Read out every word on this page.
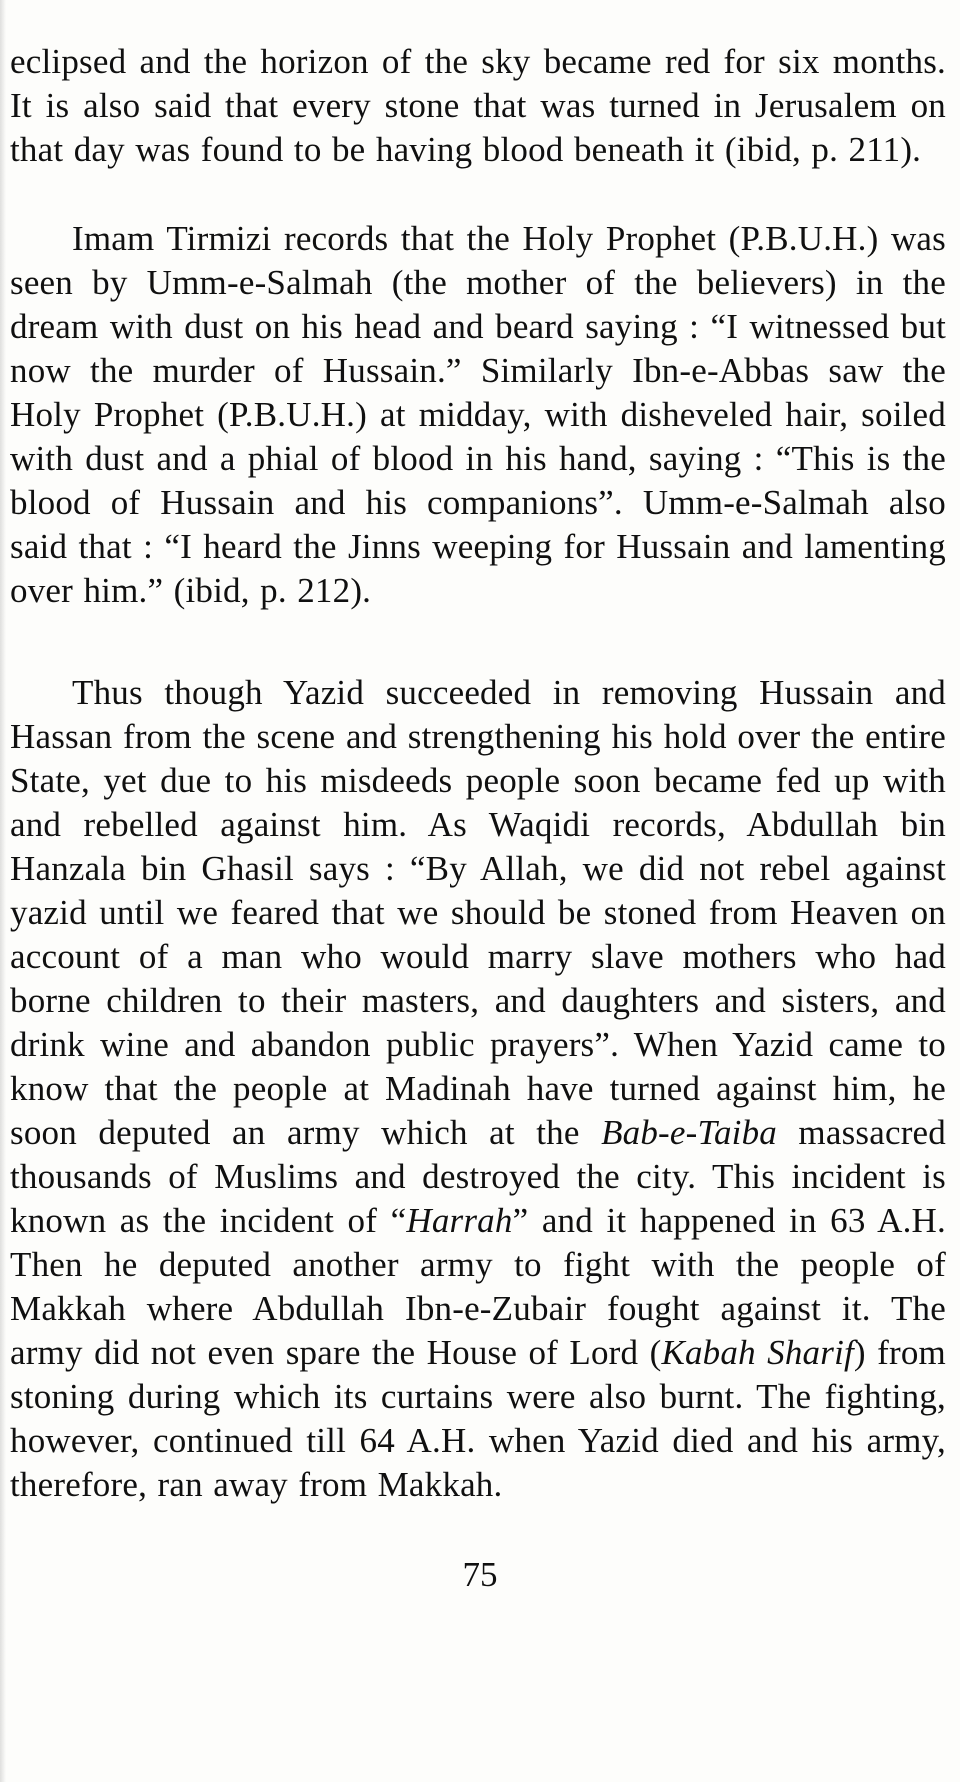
eclipsed and the horizon of the sky became red for six months. It is also said that every stone that was turned in Jerusalem on that day was found to be having blood beneath it (ibid, p. 211).

Imam Tirmizi records that the Holy Prophet (P.B.U.H.) was seen by Umm-e-Salmah (the mother of the believers) in the dream with dust on his head and beard saying : “I witnessed but now the murder of Hussain.” Similarly Ibn-e-Abbas saw the Holy Prophet (P.B.U.H.) at midday, with disheveled hair, soiled with dust and a phial of blood in his hand, saying : “This is the blood of Hussain and his companions”. Umm-e-Salmah also said that : “I heard the Jinns weeping for Hussain and lamenting over him.” (ibid, p. 212).

Thus though Yazid succeeded in removing Hussain and Hassan from the scene and strengthening his hold over the entire State, yet due to his misdeeds people soon became fed up with and rebelled against him. As Waqidi records, Abdullah bin Hanzala bin Ghasil says : “By Allah, we did not rebel against yazid until we feared that we should be stoned from Heaven on account of a man who would marry slave mothers who had borne children to their masters, and daughters and sisters, and drink wine and abandon public prayers”. When Yazid came to know that the people at Madinah have turned against him, he soon deputed an army which at the Bab-e-Taiba massacred thousands of Muslims and destroyed the city. This incident is known as the incident of “Harrah” and it happened in 63 A.H. Then he deputed another army to fight with the people of Makkah where Abdullah Ibn-e-Zubair fought against it. The army did not even spare the House of Lord (Kabah Sharif) from stoning during which its curtains were also burnt. The fighting, however, continued till 64 A.H. when Yazid died and his army, therefore, ran away from Makkah.

75
